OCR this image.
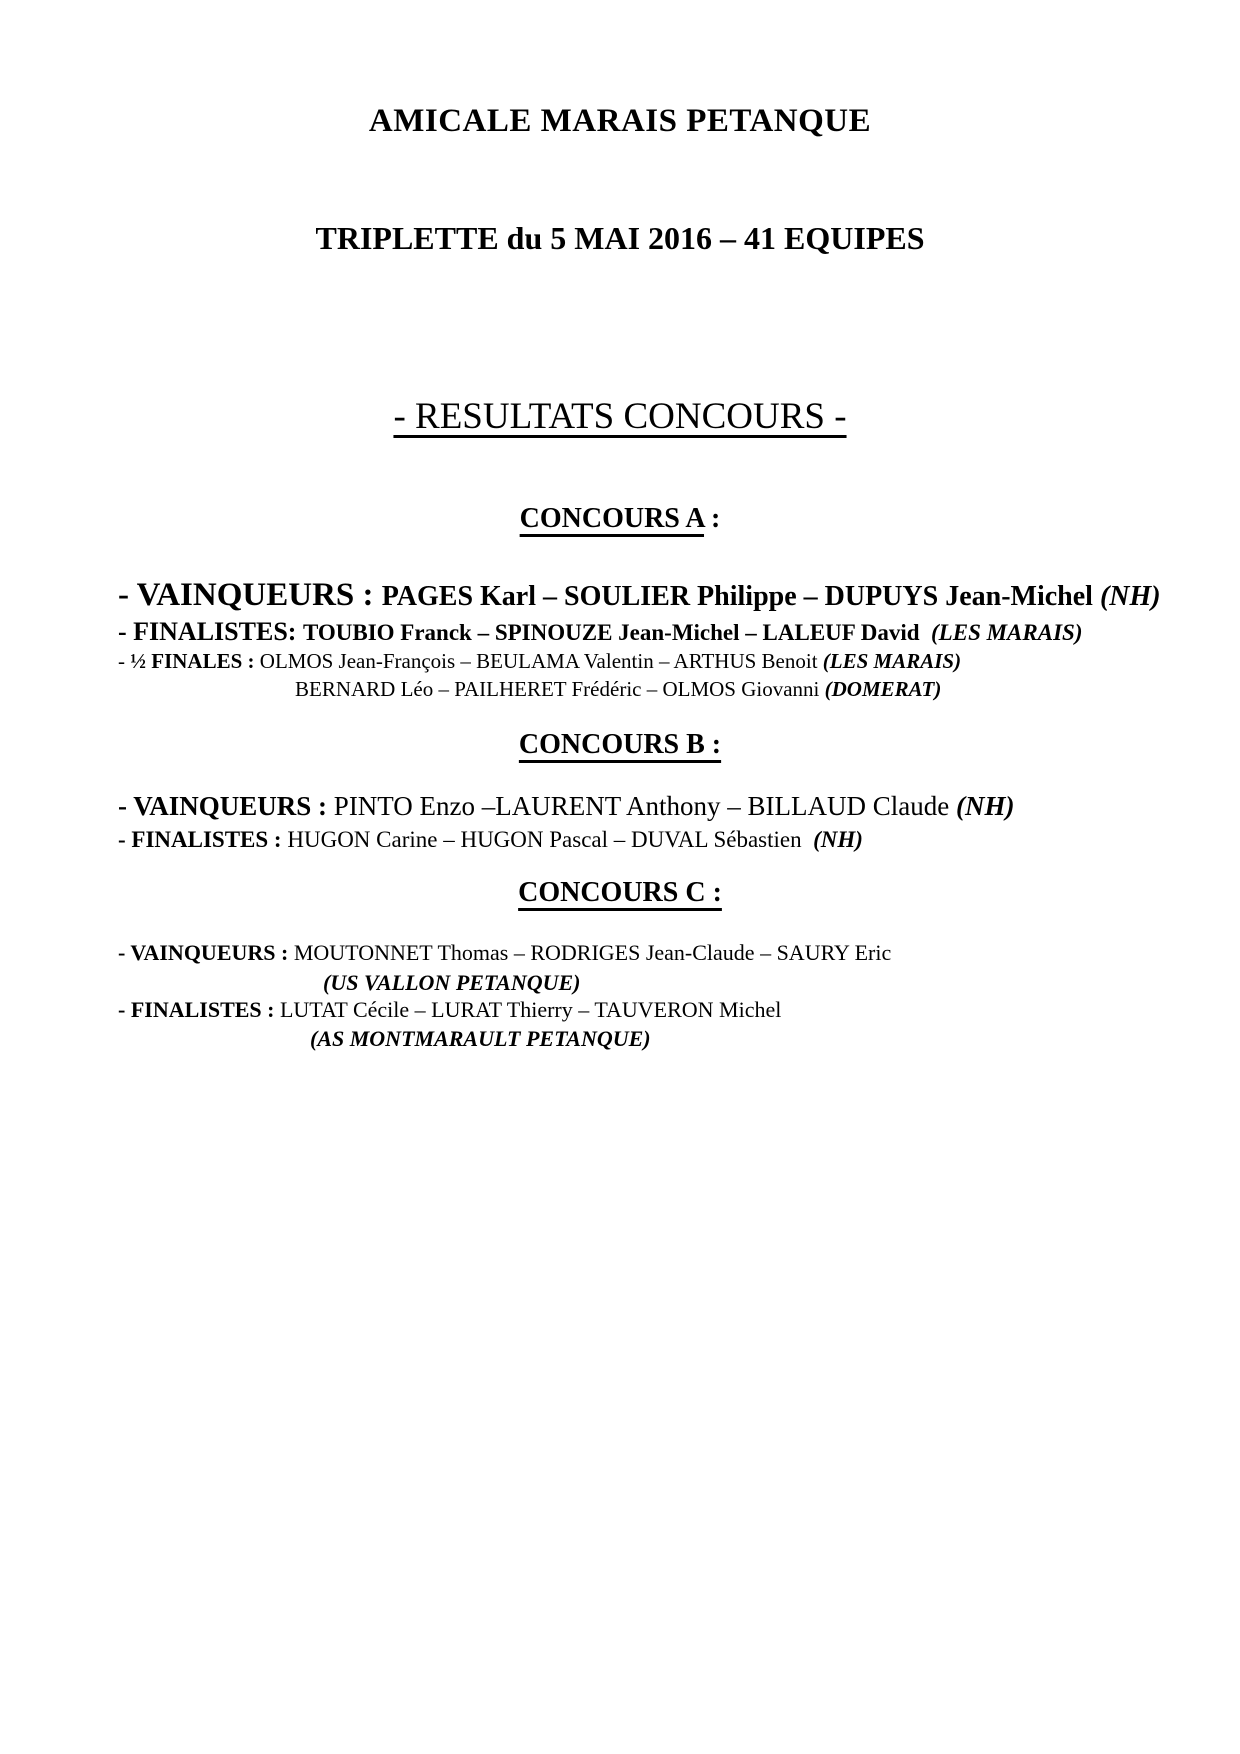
AMICALE MARAIS PETANQUE
TRIPLETTE du 5 MAI 2016 – 41 EQUIPES
- RESULTATS CONCOURS -
CONCOURS A :
- VAINQUEURS : PAGES Karl – SOULIER Philippe – DUPUYS Jean-Michel (NH)
- FINALISTES: TOUBIO Franck – SPINOUZE Jean-Michel – LALEUF David  (LES MARAIS)
- ½ FINALES : OLMOS Jean-François – BEULAMA Valentin – ARTHUS Benoit (LES MARAIS)
BERNARD Léo – PAILHERET Frédéric – OLMOS Giovanni (DOMERAT)
CONCOURS B :
- VAINQUEURS : PINTO Enzo –LAURENT Anthony – BILLAUD Claude (NH)
- FINALISTES : HUGON Carine – HUGON Pascal – DUVAL Sébastien  (NH)
CONCOURS C :
- VAINQUEURS : MOUTONNET Thomas – RODRIGES Jean-Claude – SAURY Eric
(US VALLON PETANQUE)
- FINALISTES : LUTAT Cécile – LURAT Thierry – TAUVERON Michel
(AS MONTMARAULT PETANQUE)
